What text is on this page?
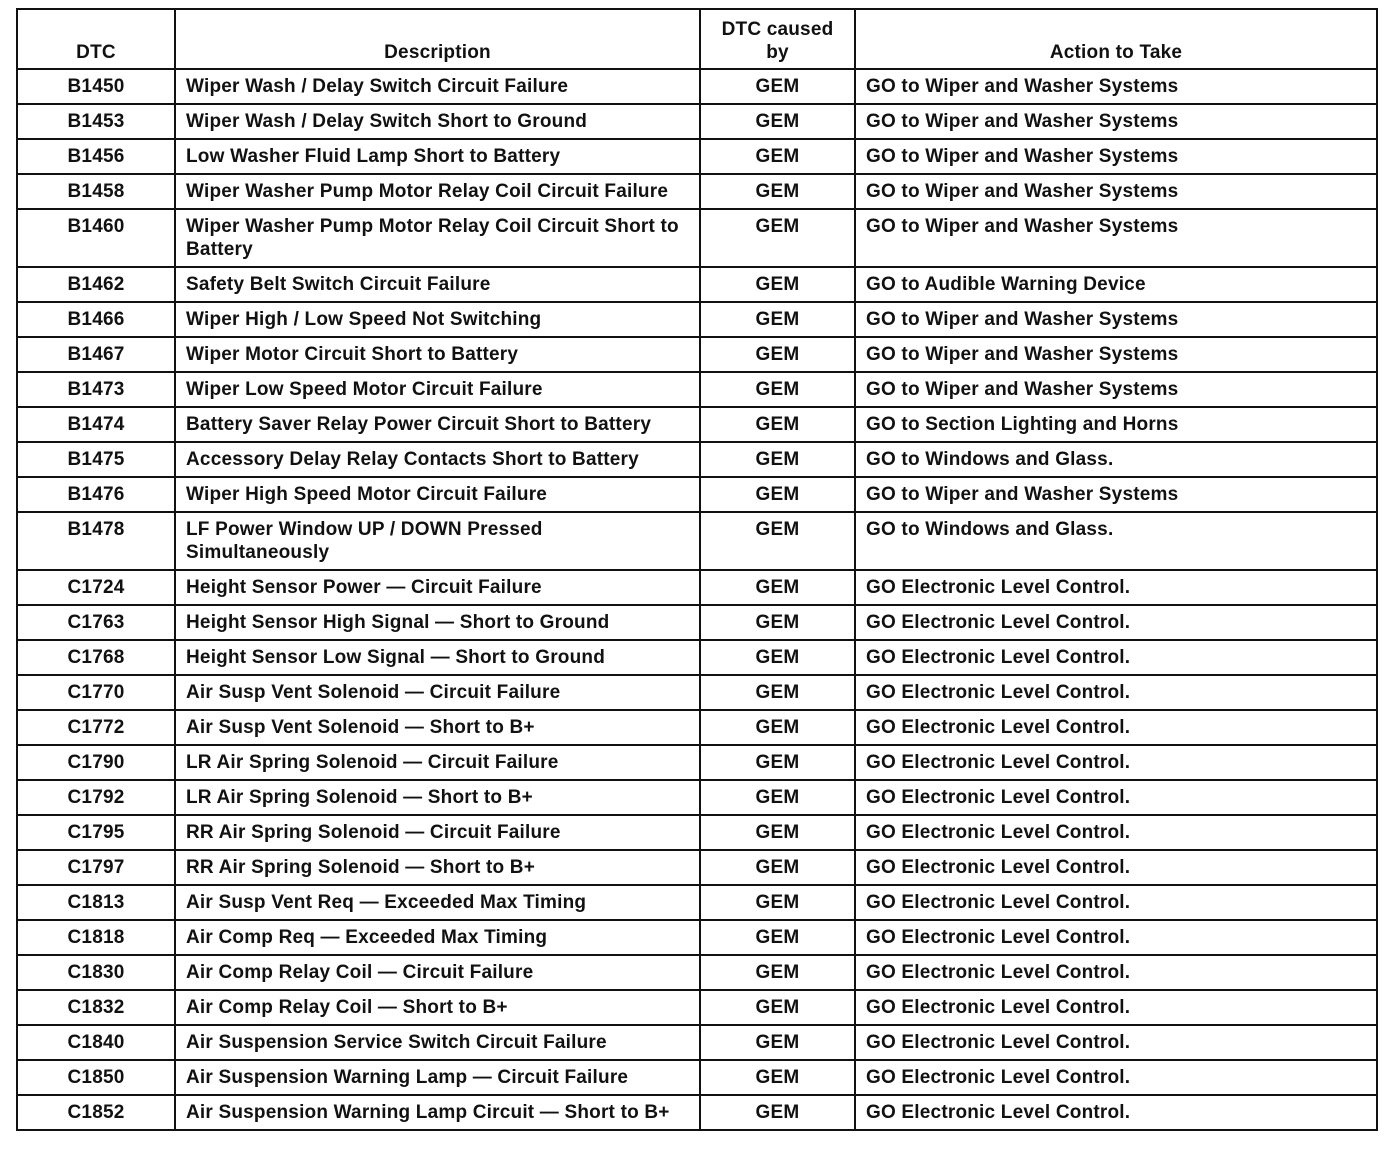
DTC	Description	DTC caused by	Action to Take
B1450	Wiper Wash / Delay Switch Circuit Failure	GEM	GO to Wiper and Washer Systems
B1453	Wiper Wash / Delay Switch Short to Ground	GEM	GO to Wiper and Washer Systems
B1456	Low Washer Fluid Lamp Short to Battery	GEM	GO to Wiper and Washer Systems
B1458	Wiper Washer Pump Motor Relay Coil Circuit Failure	GEM	GO to Wiper and Washer Systems
B1460	Wiper Washer Pump Motor Relay Coil Circuit Short to Battery	GEM	GO to Wiper and Washer Systems
B1462	Safety Belt Switch Circuit Failure	GEM	GO to Audible Warning Device
B1466	Wiper High / Low Speed Not Switching	GEM	GO to Wiper and Washer Systems
B1467	Wiper Motor Circuit Short to Battery	GEM	GO to Wiper and Washer Systems
B1473	Wiper Low Speed Motor Circuit Failure	GEM	GO to Wiper and Washer Systems
B1474	Battery Saver Relay Power Circuit Short to Battery	GEM	GO to Section Lighting and Horns
B1475	Accessory Delay Relay Contacts Short to Battery	GEM	GO to Windows and Glass.
B1476	Wiper High Speed Motor Circuit Failure	GEM	GO to Wiper and Washer Systems
B1478	LF Power Window UP / DOWN Pressed Simultaneously	GEM	GO to Windows and Glass.
C1724	Height Sensor Power — Circuit Failure	GEM	GO Electronic Level Control.
C1763	Height Sensor High Signal — Short to Ground	GEM	GO Electronic Level Control.
C1768	Height Sensor Low Signal — Short to Ground	GEM	GO Electronic Level Control.
C1770	Air Susp Vent Solenoid — Circuit Failure	GEM	GO Electronic Level Control.
C1772	Air Susp Vent Solenoid — Short to B+	GEM	GO Electronic Level Control.
C1790	LR Air Spring Solenoid — Circuit Failure	GEM	GO Electronic Level Control.
C1792	LR Air Spring Solenoid — Short to B+	GEM	GO Electronic Level Control.
C1795	RR Air Spring Solenoid — Circuit Failure	GEM	GO Electronic Level Control.
C1797	RR Air Spring Solenoid — Short to B+	GEM	GO Electronic Level Control.
C1813	Air Susp Vent Req — Exceeded Max Timing	GEM	GO Electronic Level Control.
C1818	Air Comp Req — Exceeded Max Timing	GEM	GO Electronic Level Control.
C1830	Air Comp Relay Coil — Circuit Failure	GEM	GO Electronic Level Control.
C1832	Air Comp Relay Coil — Short to B+	GEM	GO Electronic Level Control.
C1840	Air Suspension Service Switch Circuit Failure	GEM	GO Electronic Level Control.
C1850	Air Suspension Warning Lamp — Circuit Failure	GEM	GO Electronic Level Control.
C1852	Air Suspension Warning Lamp Circuit — Short to B+	GEM	GO Electronic Level Control.
